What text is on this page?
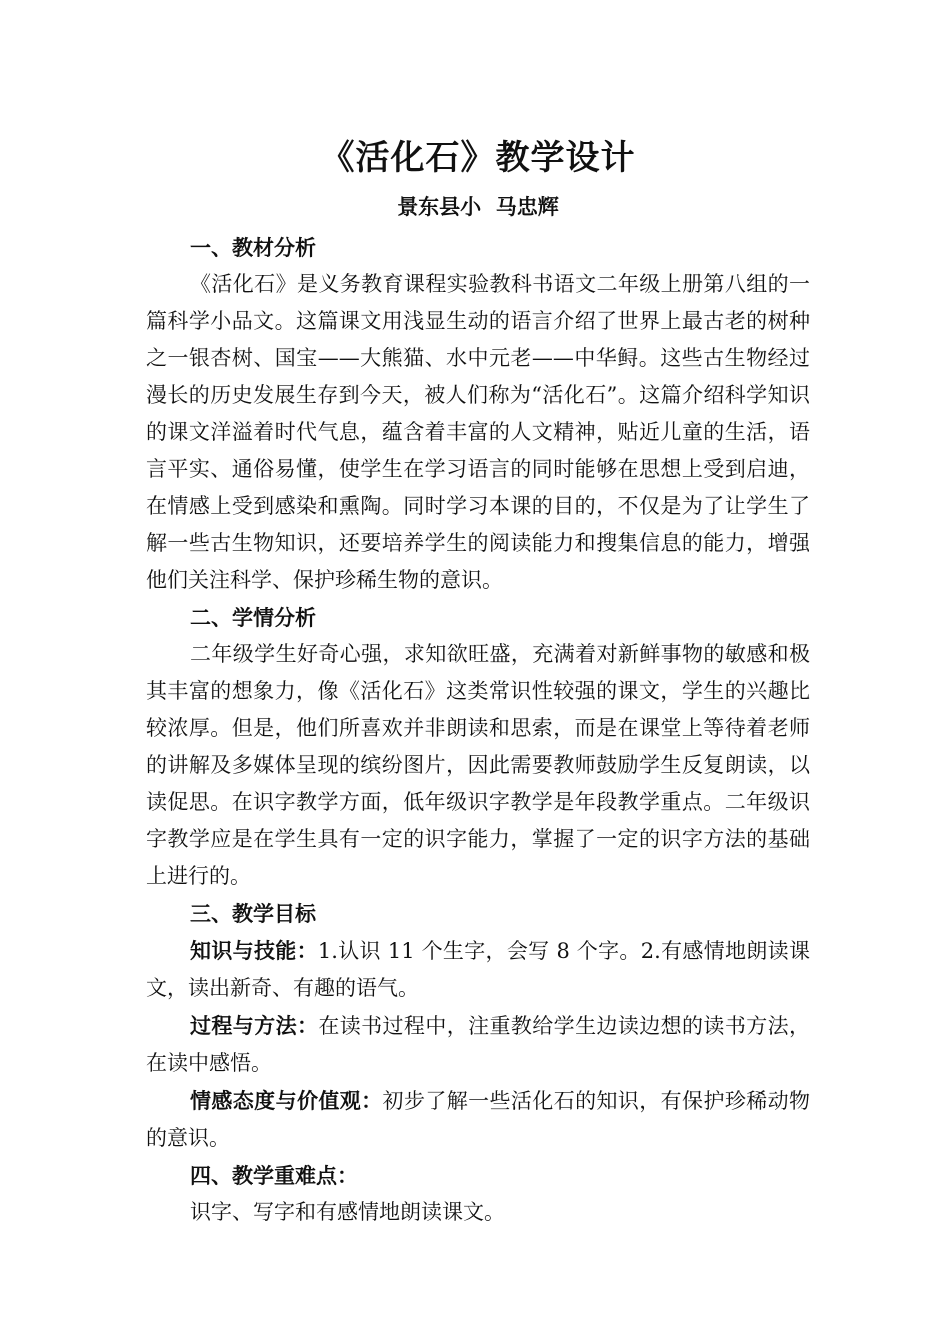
《活化石》教学设计
景东县小  马忠辉

一、教材分析

《活化石》是义务教育课程实验教科书语文二年级上册第八组的一篇科学小品文。这篇课文用浅显生动的语言介绍了世界上最古老的树种之一银杏树、国宝——大熊猫、水中元老——中华鲟。这些古生物经过漫长的历史发展生存到今天，被人们称为“活化石”。这篇介绍科学知识的课文洋溢着时代气息，蕴含着丰富的人文精神，贴近儿童的生活，语言平实、通俗易懂，使学生在学习语言的同时能够在思想上受到启迪，在情感上受到感染和熏陶。同时学习本课的目的，不仅是为了让学生了解一些古生物知识，还要培养学生的阅读能力和搜集信息的能力，增强他们关注科学、保护珍稀生物的意识。

二、学情分析

二年级学生好奇心强，求知欲旺盛，充满着对新鲜事物的敏感和极其丰富的想象力，像《活化石》这类常识性较强的课文，学生的兴趣比较浓厚。但是，他们所喜欢并非朗读和思索，而是在课堂上等待着老师的讲解及多媒体呈现的缤纷图片，因此需要教师鼓励学生反复朗读，以读促思。在识字教学方面，低年级识字教学是年段教学重点。二年级识字教学应是在学生具有一定的识字能力，掌握了一定的识字方法的基础上进行的。

三、教学目标

知识与技能：1.认识 11 个生字，会写 8 个字。2.有感情地朗读课文，读出新奇、有趣的语气。

过程与方法：在读书过程中，注重教给学生边读边想的读书方法，在读中感悟。

情感态度与价值观：初步了解一些活化石的知识，有保护珍稀动物的意识。

四、教学重难点：

识字、写字和有感情地朗读课文。
